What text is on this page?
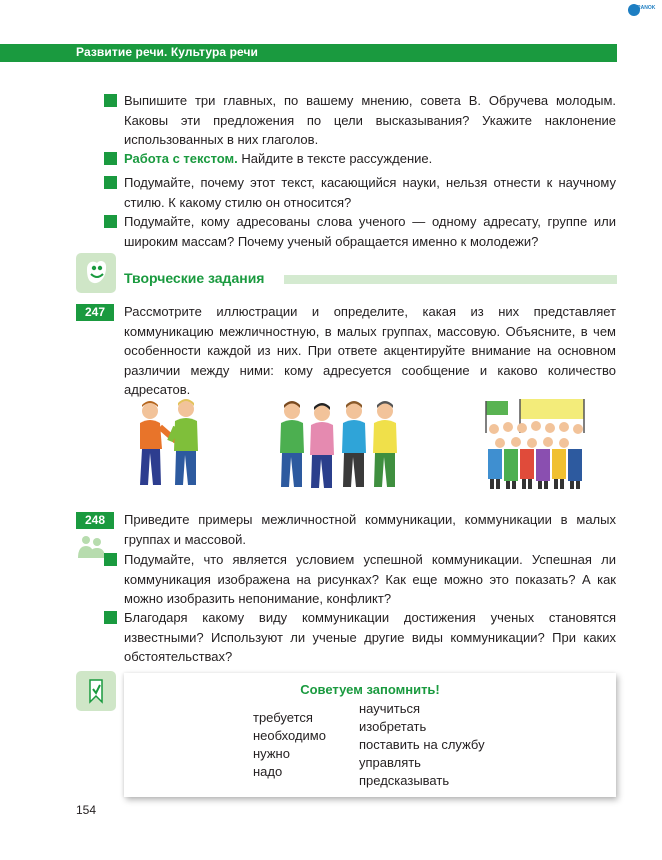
RANOK
Развитие речи. Культура речи
Выпишите три главных, по вашему мнению, совета В. Обручева молодым. Каковы эти предложения по цели высказывания? Укажите наклонение использованных в них глаголов.
Работа с текстом. Найдите в тексте рассуждение.
Подумайте, почему этот текст, касающийся науки, нельзя отнести к научному стилю. К какому стилю он относится?
Подумайте, кому адресованы слова ученого — одному адресату, группе или широким массам? Почему ученый обращается именно к молодежи?
Творческие задания
247	Рассмотрите иллюстрации и определите, какая из них представляет коммуникацию межличностную, в малых группах, массовую. Объясните, в чем особенности каждой из них. При ответе акцентируйте внимание на основном различии между ними: кому адресуется сообщение и каково количество адресатов.
248	Приведите примеры межличностной коммуникации, коммуникации в малых группах и массовой.
Подумайте, что является условием успешной коммуникации. Успешная ли коммуникация изображена на рисунках? Как еще можно это показать? А как можно изобразить непонимание, конфликт?
Благодаря какому виду коммуникации достижения ученых становятся известными? Используют ли ученые другие виды коммуникации? При каких обстоятельствах?
Советуем запомнить!
требуется
необходимо
нужно
надо
научиться
изобретать
поставить на службу
управлять
предсказывать
154
